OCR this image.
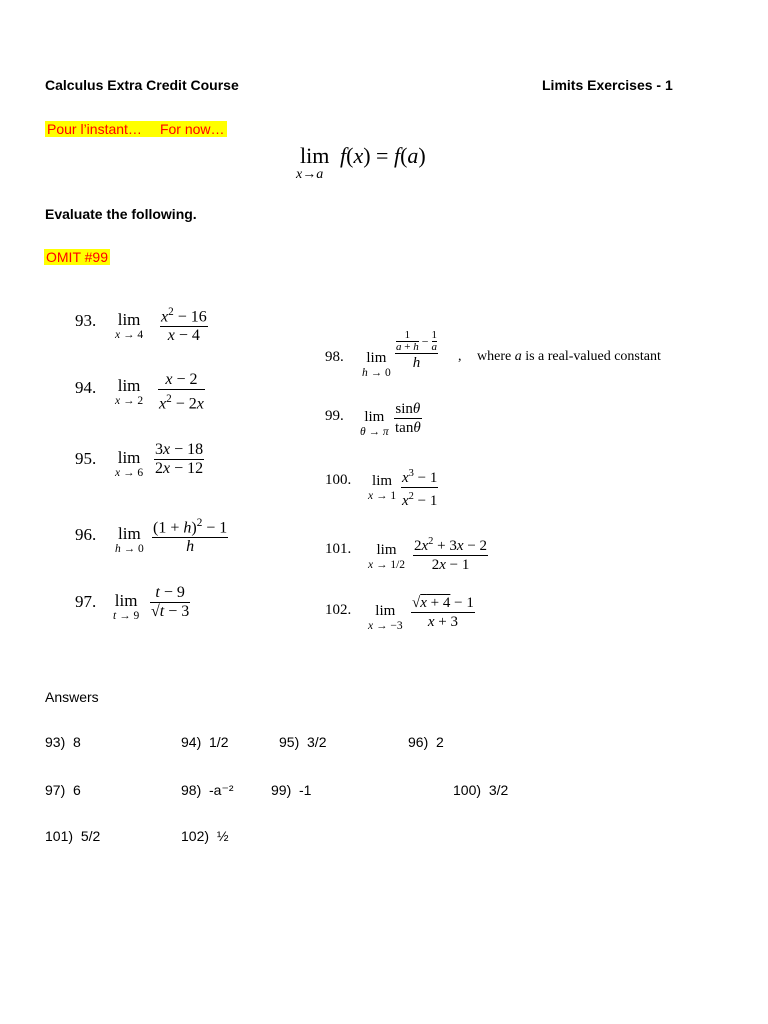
Calculus Extra Credit Course	Limits Exercises - 1
Pour l’instant… For now…
lim
x→a
f(x) = f(a)
Evaluate the following.
OMIT #99
93. lim
$x \to 4 \frac{x^2 - 16}{x - 4}$
94. lim
$x \to 2 \frac{x - 2}{x^2 - 2x}$
95. lim
$x \to 6 \frac{3x - 18}{2x - 12}$
96. lim
$h \to 0 \frac{(1 + h)^2 - 1}{h}$
97. lim
$t \to 9 \frac{t - 9}{√t - 3}$
98. lim
h → 0
$\frac{1}{a + h} - \frac{1}{a}$
h	, where a is a real-valued constant
99. lim
θ → π $\frac{\sin\theta}{\tan\theta}$
100. lim
$x \to 1 \frac{x^3 - 1}{x^2 - 1}$
101.	lim
$x \to 1/2 \frac{2x^2 + 3x - 2}{2x - 1}$
102.	lim
$x \to -3 \frac{√x + 4 - 1}{x + 3}$
Answers
93) 8	94) 1/2	95) 3/2	96) 2
97) 6	98) -a⁻²	99) -1	100) 3/2
101) 5/2	102) ½
